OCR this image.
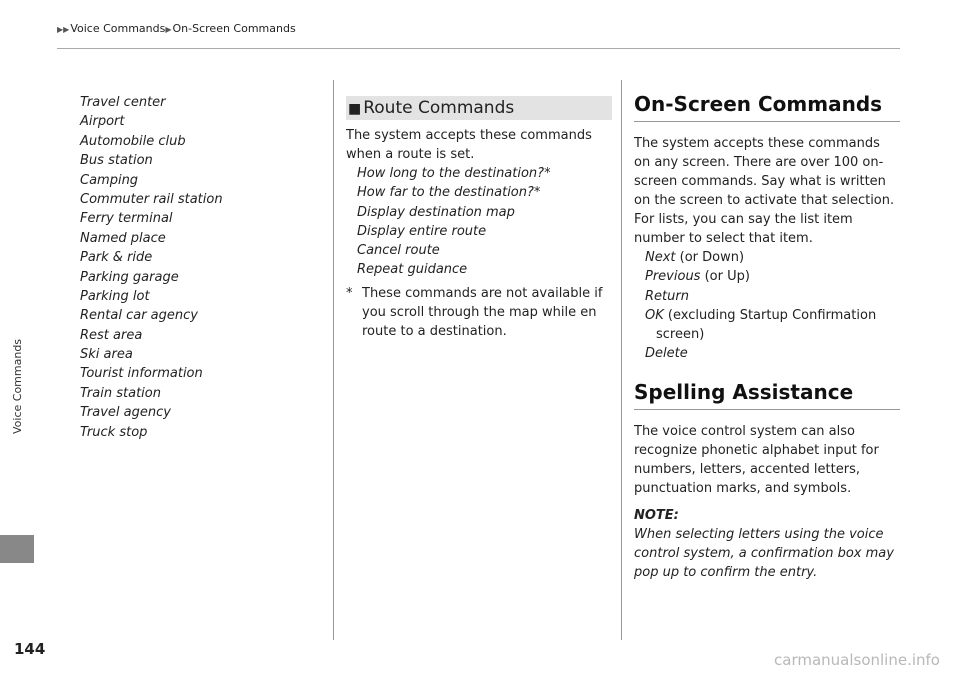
▶▶Voice Commands▶On-Screen Commands
Voice Commands
144
Travel center
Airport
Automobile club
Bus station
Camping
Commuter rail station
Ferry terminal
Named place
Park & ride
Parking garage
Parking lot
Rental car agency
Rest area
Ski area
Tourist information
Train station
Travel agency
Truck stop
■ Route Commands
The system accepts these commands when a route is set.
How long to the destination?*
How far to the destination?*
Display destination map
Display entire route
Cancel route
Repeat guidance
* These commands are not available if you scroll through the map while en route to a destination.
On-Screen Commands
The system accepts these commands on any screen. There are over 100 on-screen commands. Say what is written on the screen to activate that selection. For lists, you can say the list item number to select that item.
Next (or Down)
Previous (or Up)
Return
OK (excluding Startup Confirmation
screen)
Delete
Spelling Assistance
The voice control system can also recognize phonetic alphabet input for numbers, letters, accented letters, punctuation marks, and symbols.
NOTE:
When selecting letters using the voice control system, a confirmation box may pop up to confirm the entry.
carmanualsonline.info
